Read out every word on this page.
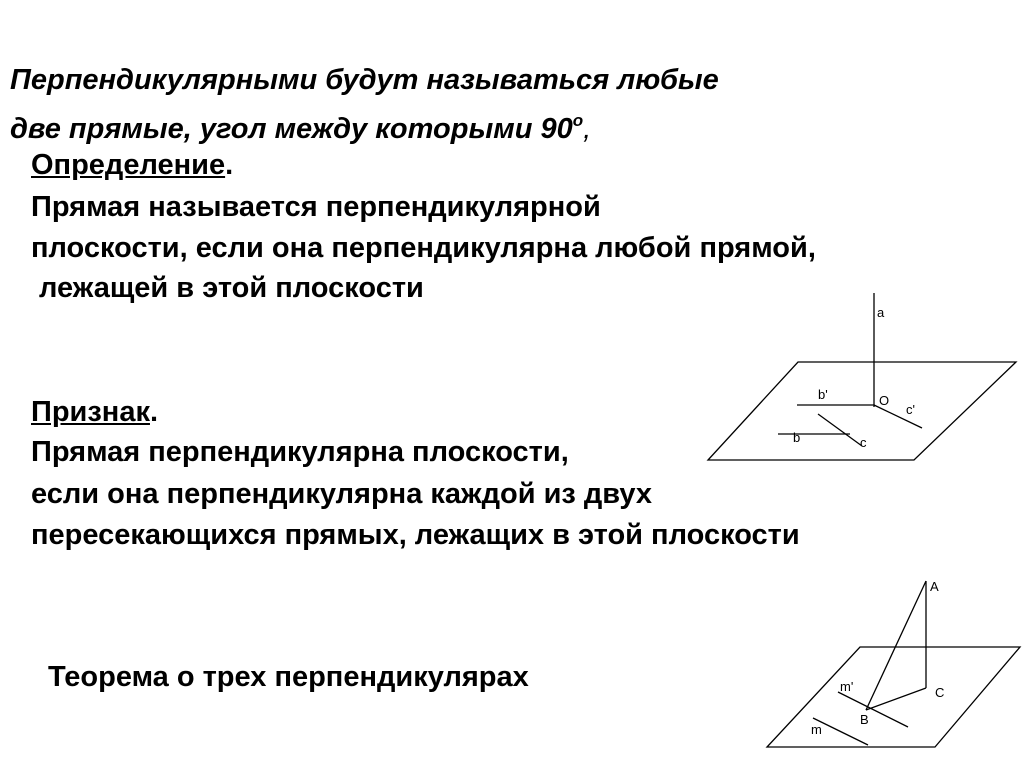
Перпендикулярными будут называться любые

две прямые, угол между которыми $90^о$,

Определение.

Прямая называется перпендикулярной

плоскости, если она перпендикулярна любой прямой,

лежащей в этой плоскости

Признак.

Прямая перпендикулярна плоскости,

если она перпендикулярна каждой из двух

пересекающихся прямых, лежащих в этой плоскости

Теорема о трех перпендикулярах

a
b'	O
c'
b	c
A
m'	C
B
m
